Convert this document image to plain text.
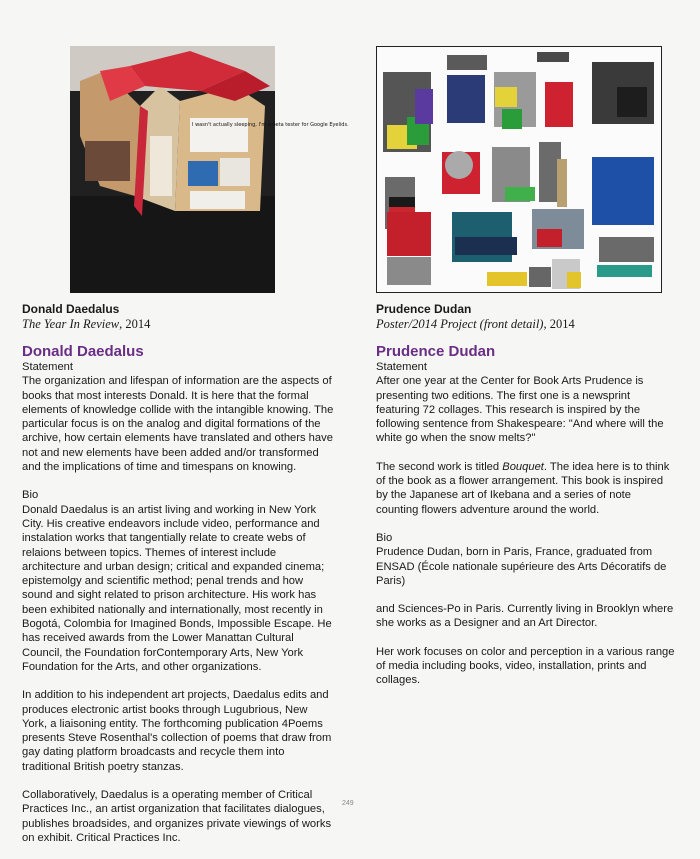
I wasn't actually sleeping, I'm a beta tester for Google Eyelids.
Donald Daedalus
The Year In Review, 2014
Donald Daedalus

Statement

The organization and lifespan of information are the aspects of books that most interests Donald. It is here that the formal elements of knowledge collide with the intangible knowing. The particular focus is on the analog and digital formations of the archive, how certain elements have translated and others have not and new elements have been added and/or transformed and the implications of time and timespans on knowing.

Bio

Donald Daedalus is an artist living and working in New York City. His creative endeavors include video, performance and instalation works that tangentially relate to create webs of relaions between topics. Themes of interest include architecture and urban design; critical and expanded cinema; epistemolgy and scientific method; penal trends and how sound and sight related to prison architecture. His work has been exhibited nationally and internationally, most recently in Bogotá, Colombia for Imagined Bonds, Impossible Escape. He has received awards from the Lower Manattan Cultural Council, the Foundation forContemporary Arts, New York Foundation for the Arts, and other organizations.

In addition to his independent art projects, Daedalus edits and produces electronic artist books through Lugubrious, New York, a liaisoning entity. The forthcoming publication 4Poems presents Steve Rosenthal's collection of poems that draw from gay dating platform broadcasts and recycle them into traditional British poetry stanzas.

Collaboratively, Daedalus is a operating member of Critical Practices Inc., an artist organization that facilitates dialogues, publishes broadsides, and organizes private viewings of works on exhibit. Critical Practices Inc.

Prudence Dudan
Poster/2014 Project (front detail), 2014
Prudence Dudan

Statement

After one year at the Center for Book Arts Prudence is presenting two editions. The first one is a newsprint featuring 72 collages. This research is inspired by the following sentence from Shakespeare: "And where will the white go when the snow melts?"

The second work is titled Bouquet. The idea here is to think of the book as a flower arrangement. This book is inspired by the Japanese art of Ikebana and a series of note counting flowers adventure around the world.

Bio

Prudence Dudan, born in Paris, France, graduated from ENSAD (École nationale supérieure des Arts Décoratifs de Paris)

and Sciences-Po in Paris. Currently living in Brooklyn where she works as a Designer and an Art Director.

Her work focuses on color and perception in a various range of media including books, video, installation, prints and collages.

249
